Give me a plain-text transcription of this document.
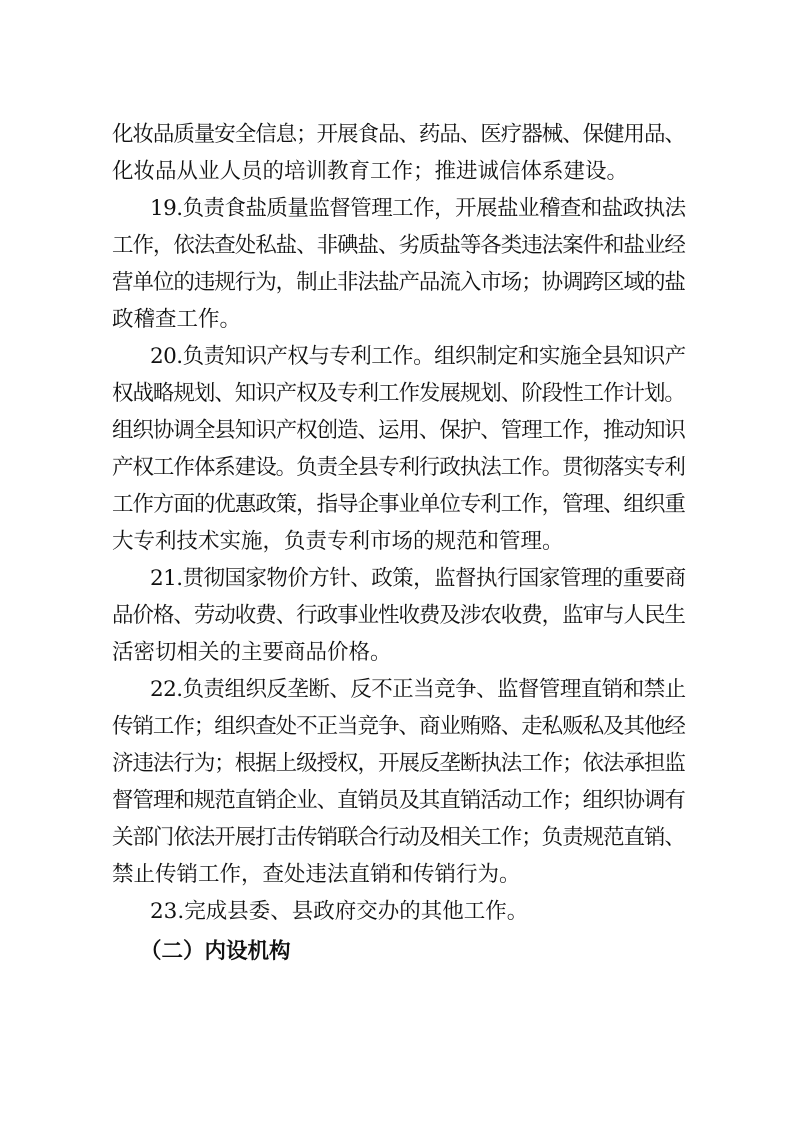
化妆品质量安全信息；开展食品、药品、医疗器械、保健用品、
化妆品从业人员的培训教育工作；推进诚信体系建设。
19.负责食盐质量监督管理工作，开展盐业稽查和盐政执法
工作，依法查处私盐、非碘盐、劣质盐等各类违法案件和盐业经
营单位的违规行为，制止非法盐产品流入市场；协调跨区域的盐
政稽查工作。
20.负责知识产权与专利工作。组织制定和实施全县知识产
权战略规划、知识产权及专利工作发展规划、阶段性工作计划。
组织协调全县知识产权创造、运用、保护、管理工作，推动知识
产权工作体系建设。负责全县专利行政执法工作。贯彻落实专利
工作方面的优惠政策，指导企事业单位专利工作，管理、组织重
大专利技术实施，负责专利市场的规范和管理。
21.贯彻国家物价方针、政策，监督执行国家管理的重要商
品价格、劳动收费、行政事业性收费及涉农收费，监审与人民生
活密切相关的主要商品价格。
22.负责组织反垄断、反不正当竞争、监督管理直销和禁止
传销工作；组织查处不正当竞争、商业贿赂、走私贩私及其他经
济违法行为；根据上级授权，开展反垄断执法工作；依法承担监
督管理和规范直销企业、直销员及其直销活动工作；组织协调有
关部门依法开展打击传销联合行动及相关工作；负责规范直销、
禁止传销工作，查处违法直销和传销行为。
23.完成县委、县政府交办的其他工作。
（二）内设机构
